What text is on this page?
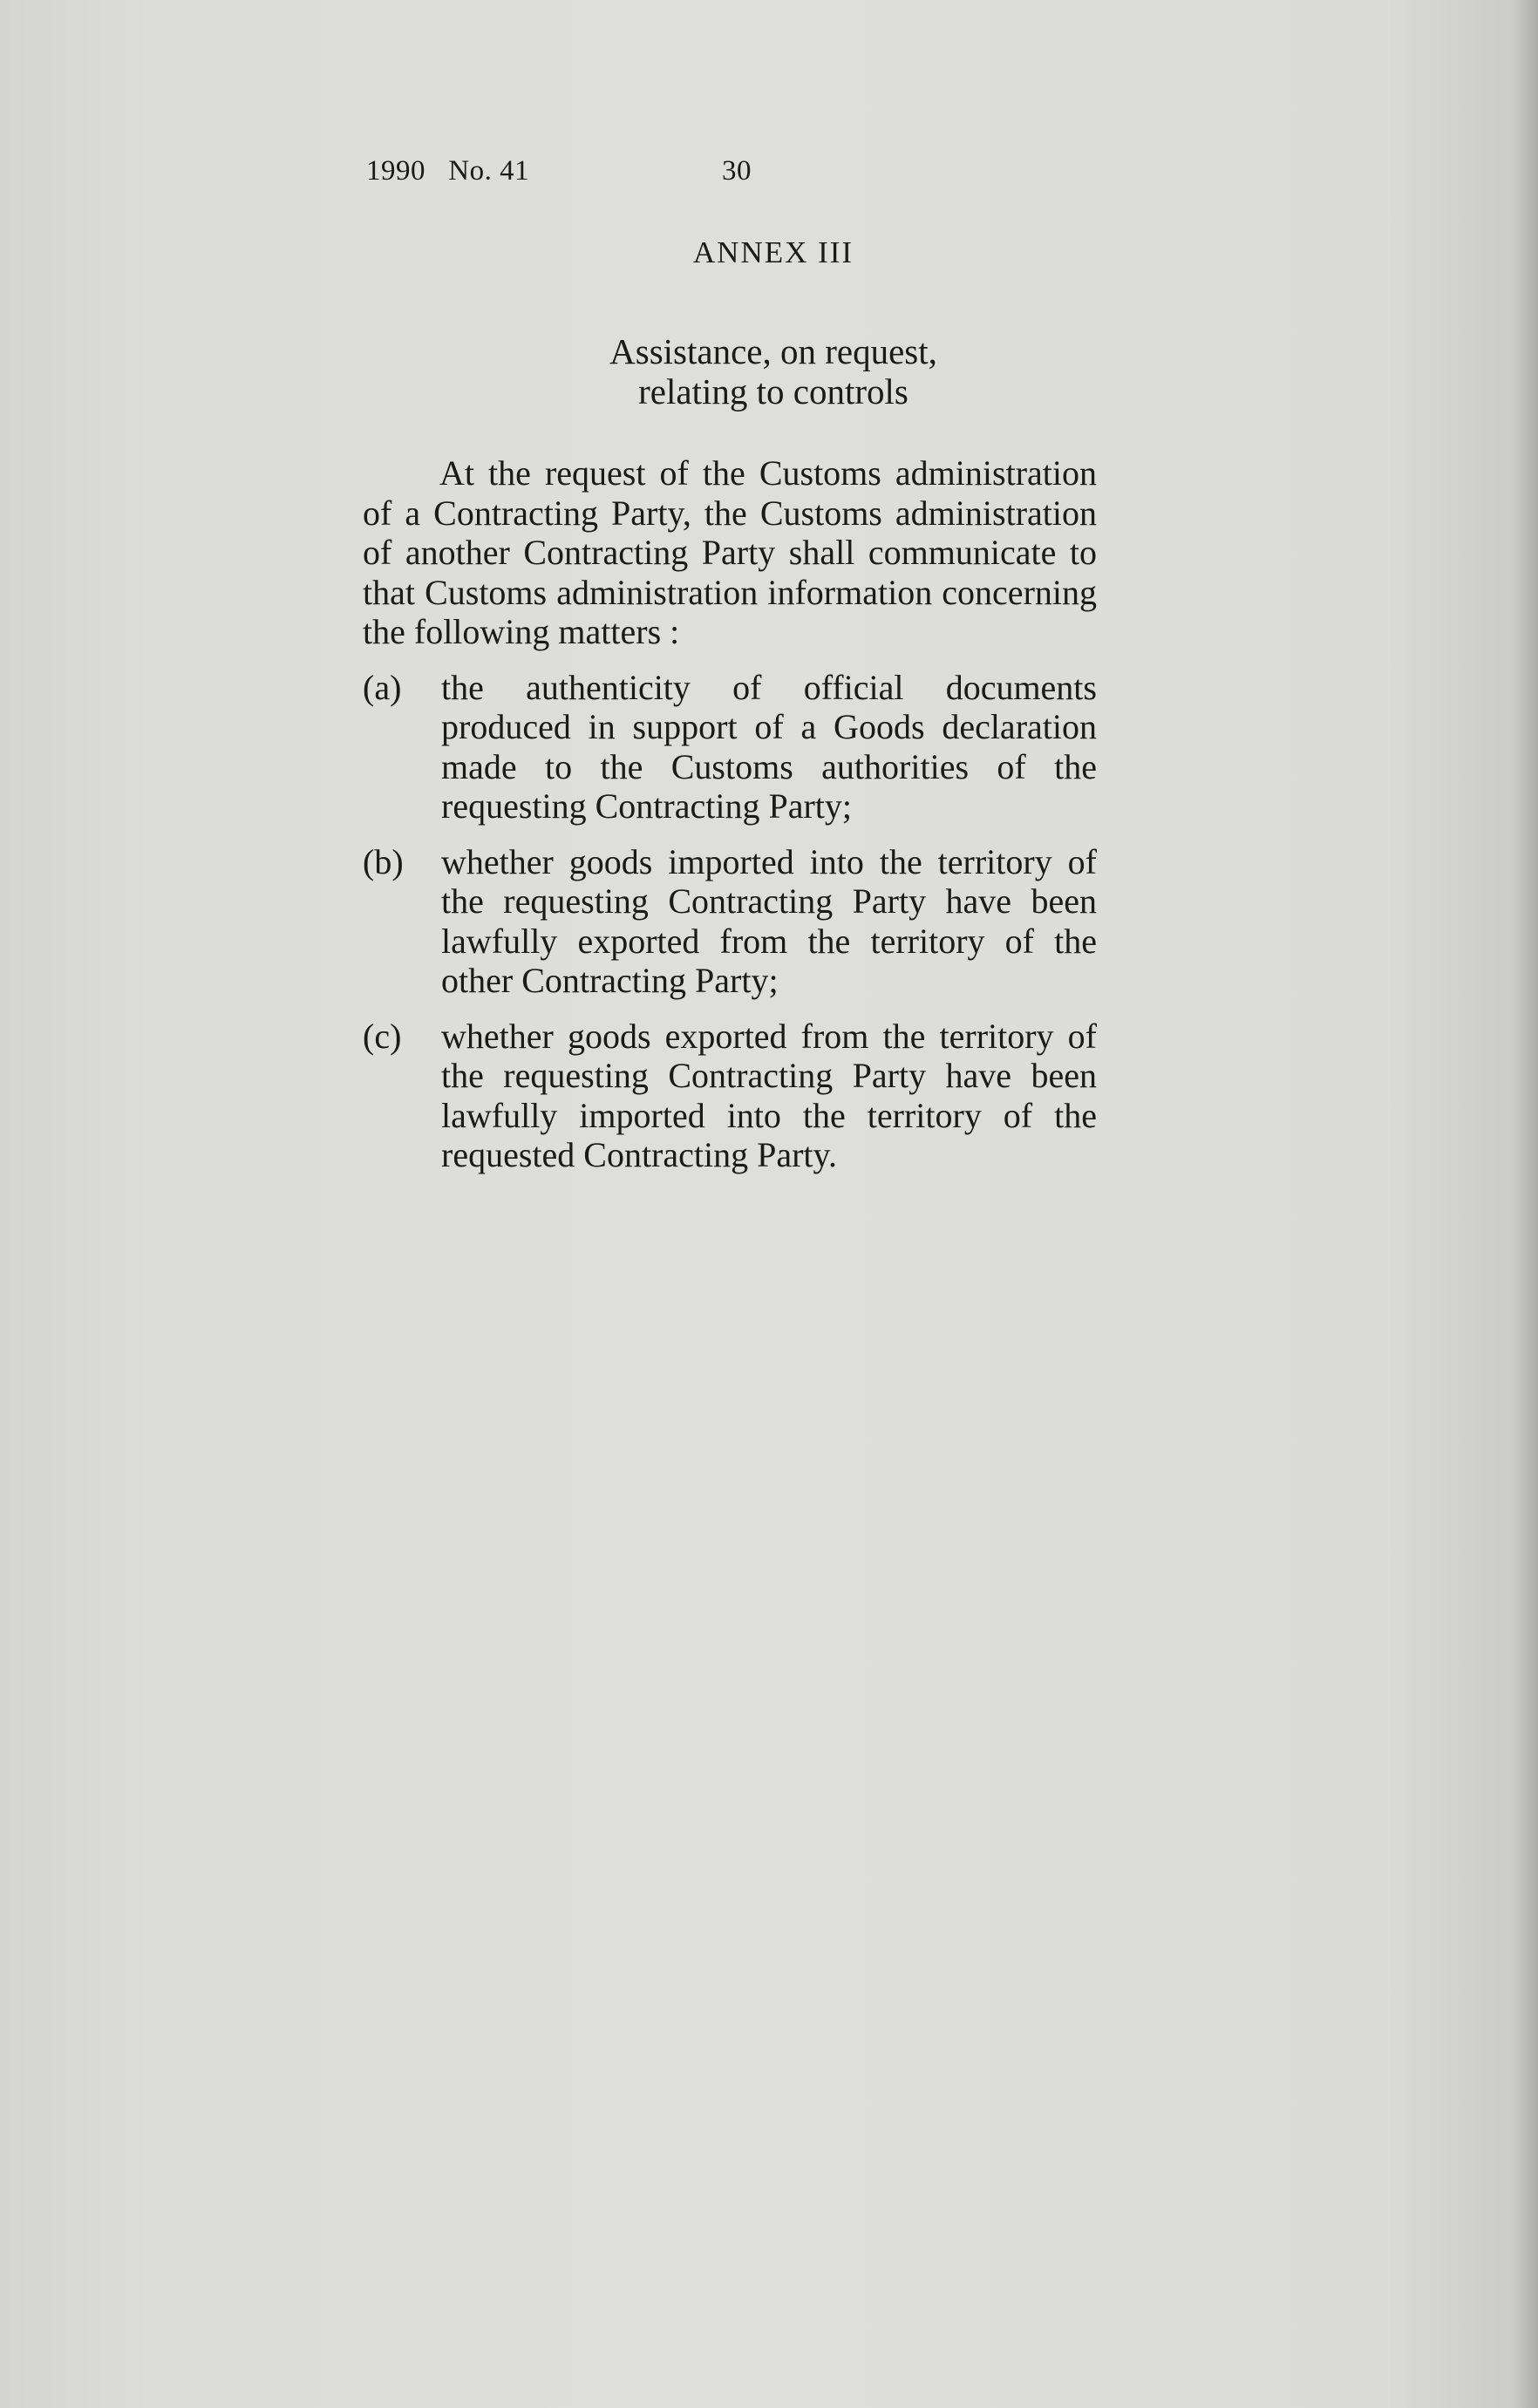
1990   No. 41	30
ANNEX III
Assistance, on request,
relating to controls

At the request of the Customs administration of a Contracting Party, the Customs administration of another Contracting Party shall communicate to that Customs administration information concerning the following matters :

(a) the authenticity of official documents produced in support of a Goods declaration made to the Customs authorities of the requesting Contracting Party;
(b) whether goods imported into the territory of the requesting Contracting Party have been lawfully exported from the territory of the other Contracting Party;
(c) whether goods exported from the territory of the requesting Contracting Party have been lawfully imported into the territory of the requested Contracting Party.
